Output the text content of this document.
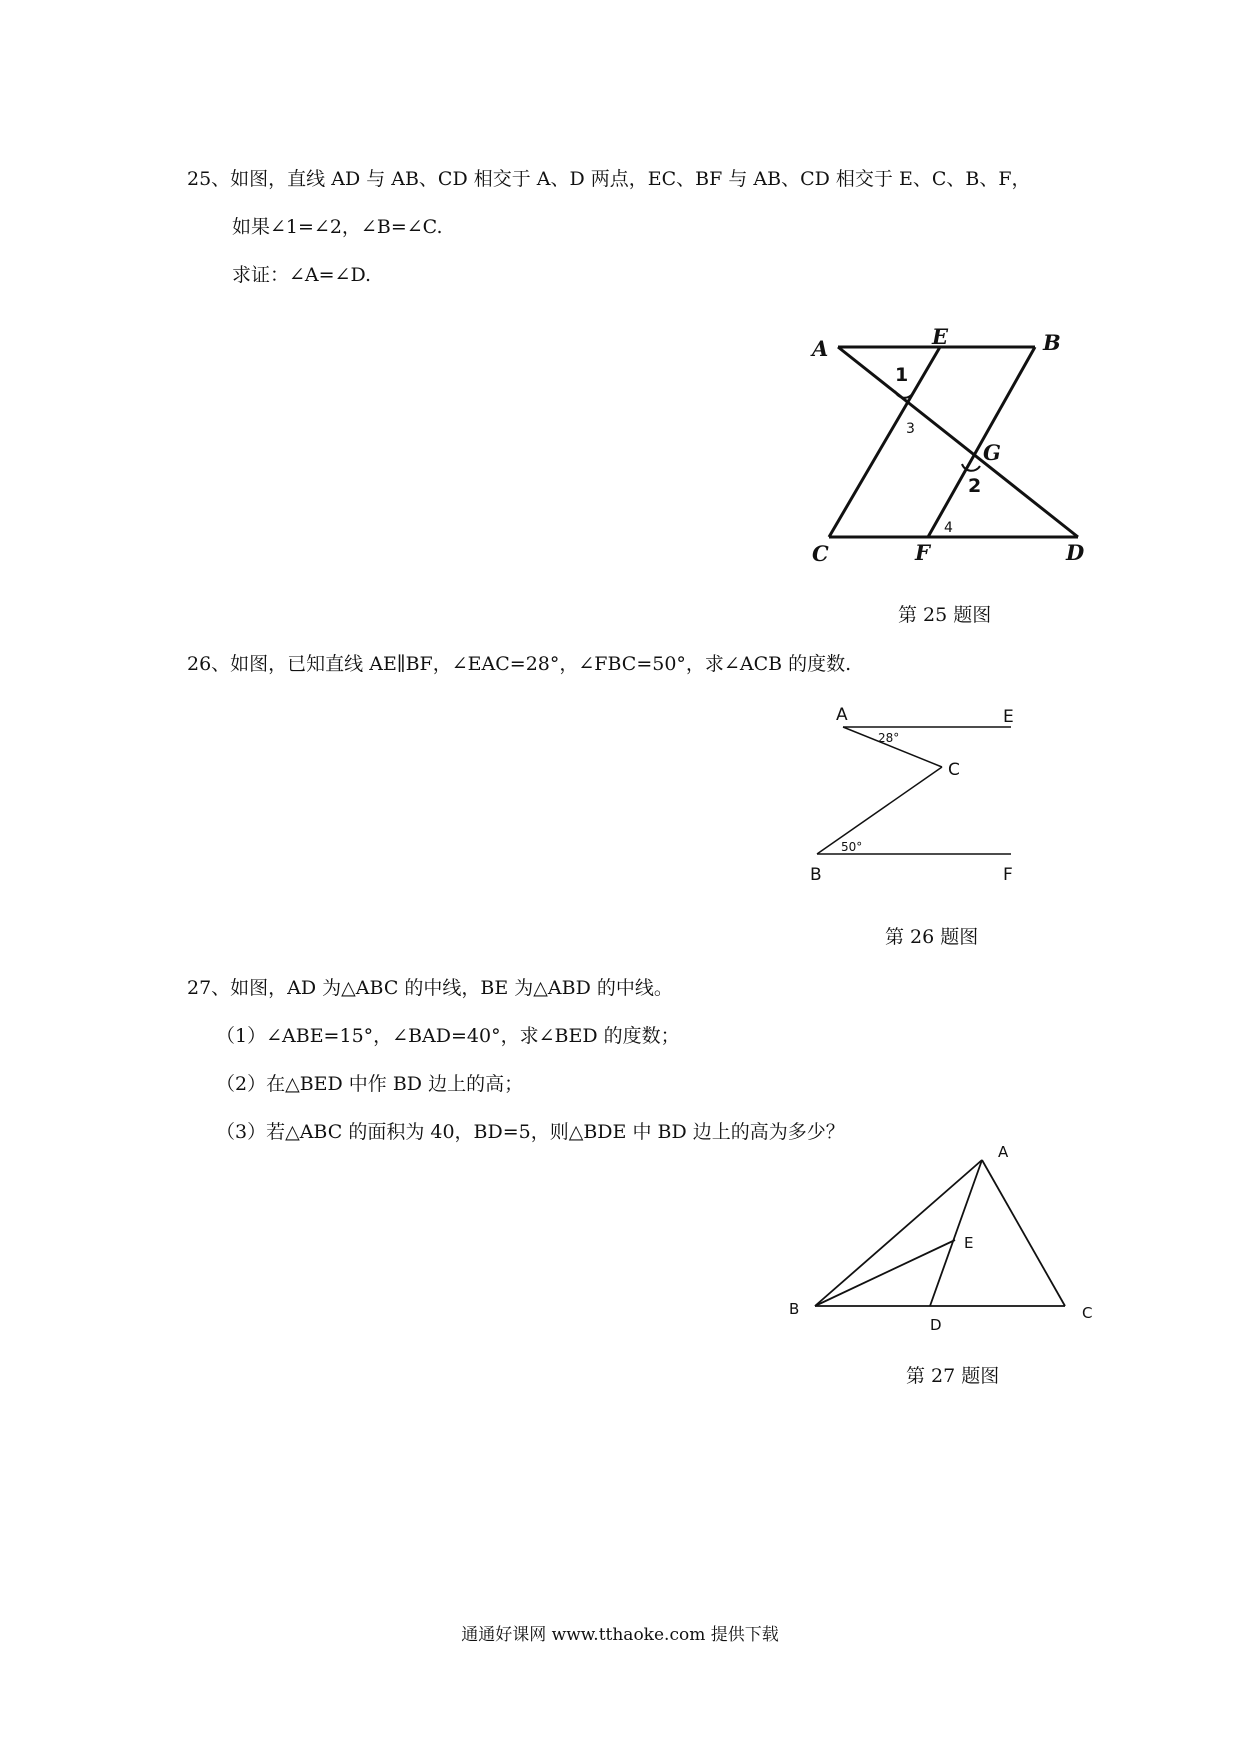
25、如图，直线 AD 与 AB、CD 相交于 A、D 两点，EC、BF 与 AB、CD 相交于 E、C、B、F，
如果∠1=∠2，∠B=∠C.
求证：∠A=∠D.
A	E	B
G
C	F	D
1
2
3
4
第 25 题图
26、如图，已知直线 AE∥BF，∠EAC=28°，∠FBC=50°，求∠ACB 的度数.
A	E
C
B	F
28°
50°
第 26 题图
27、如图，AD 为△ABC 的中线，BE 为△ABD 的中线。
（1）∠ABE=15°，∠BAD=40°，求∠BED 的度数；
（2）在△BED 中作 BD 边上的高；
（3）若△ABC 的面积为 40，BD=5，则△BDE 中 BD 边上的高为多少？
A
E
B
D
C
第 27 题图
通通好课网 www.tthaoke.com 提供下载
